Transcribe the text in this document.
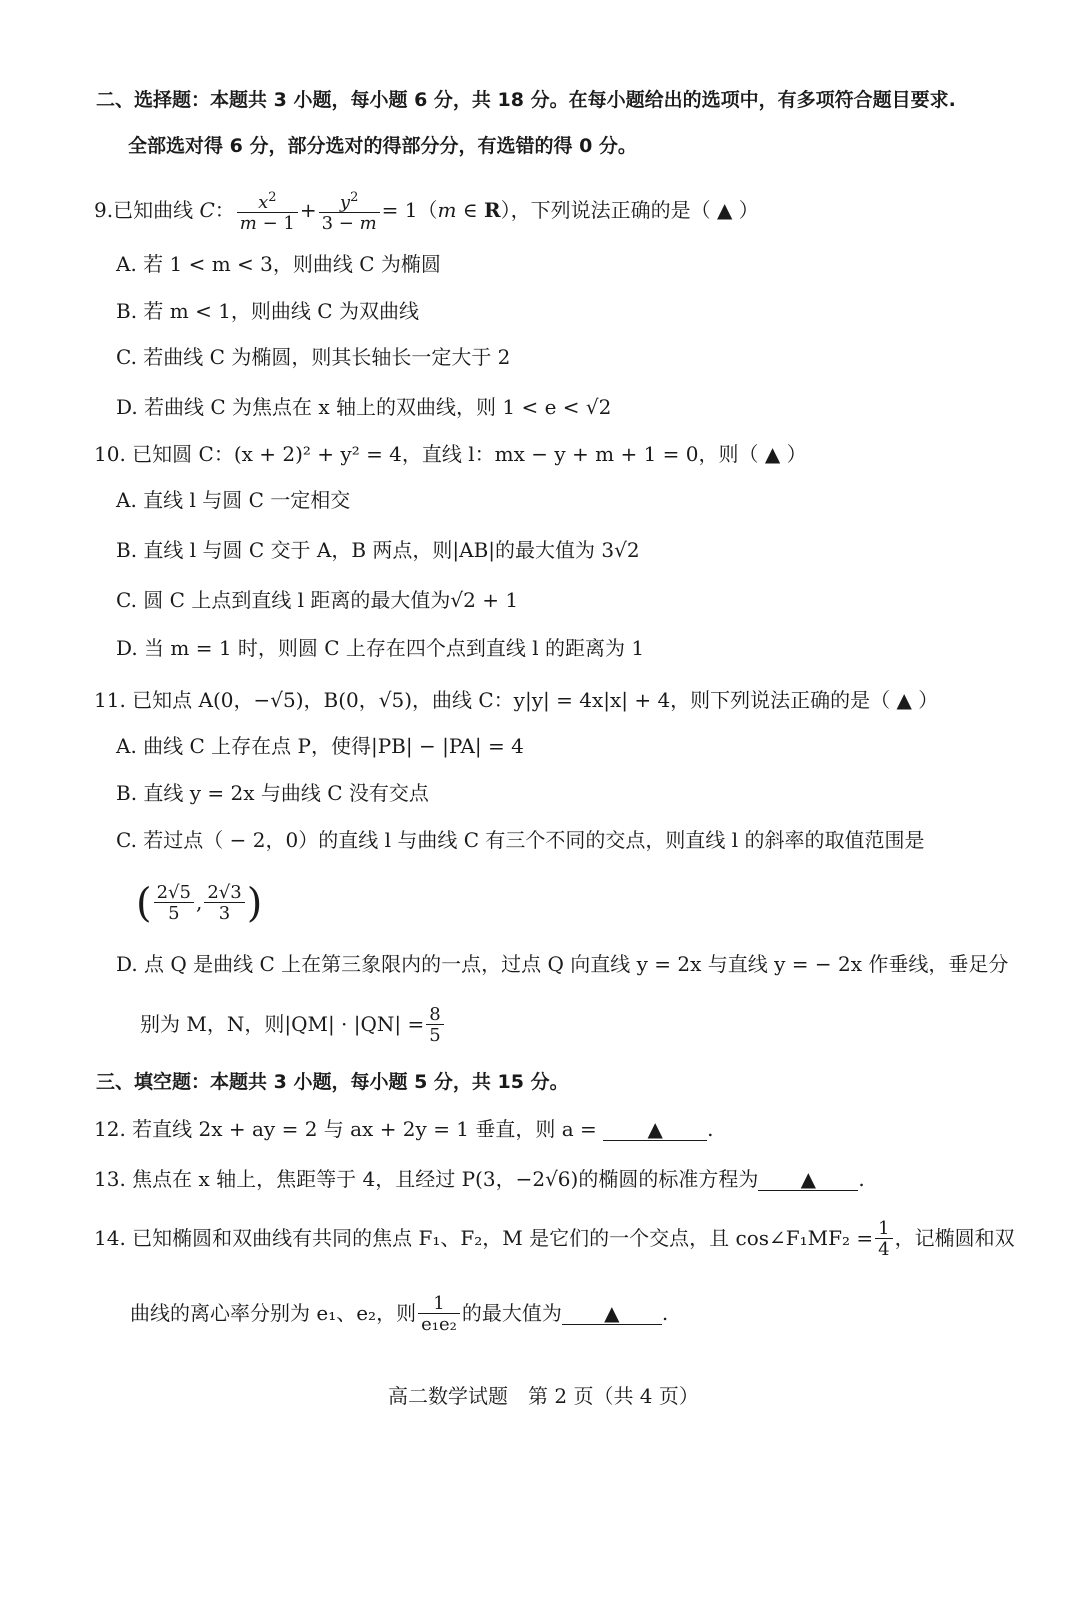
二、选择题：本题共 3 小题，每小题 6 分，共 18 分。在每小题给出的选项中，有多项符合题目要求.
全部选对得 6 分，部分选对的得部分分，有选错的得 0 分。
9.已知曲线 C： $\frac{x^2}{m - 1} + \frac{y^2}{3 - m} = 1(m$ ∈ R），下列说法正确的是（ ▲ ）
A. 若 1 < m < 3，则曲线 C 为椭圆
B. 若 m < 1，则曲线 C 为双曲线
C. 若曲线 C 为椭圆，则其长轴长一定大于 2
D. 若曲线 C 为焦点在 x 轴上的双曲线，则 1 < e < √2
10. 已知圆 C：(x + 2)² + y² = 4，直线 l：mx − y + m + 1 = 0，则（ ▲ ）
A. 直线 l 与圆 C 一定相交
B. 直线 l 与圆 C 交于 A，B 两点，则|AB|的最大值为 3√2
C. 圆 C 上点到直线 l 距离的最大值为√2 + 1
D. 当 m = 1 时，则圆 C 上存在四个点到直线 l 的距离为 1
11. 已知点 A(0，−√5)，B(0，√5)，曲线 C：y|y| = 4x|x| + 4，则下列说法正确的是（ ▲ ）
A. 曲线 C 上存在点 P，使得|PB| − |PA| = 4
B. 直线 y = 2x 与曲线 C 没有交点
C. 若过点（ − 2，0）的直线 l 与曲线 C 有三个不同的交点，则直线 l 的斜率的取值范围是
( $\frac{2√5}{5}$ , $\frac{2√3}{3}$ )
D. 点 Q 是曲线 C 上在第三象限内的一点，过点 Q 向直线 y = 2x 与直线 y = − 2x 作垂线，垂足分
别为 M，N，则$|QM| \cdot |QN| = \frac{8}{5}$
三、填空题：本题共 3 小题，每小题 5 分，共 15 分。
12. 若直线 2x + ay = 2 与 ax + 2y = 1 垂直，则 a =	▲ .
13. 焦点在 x 轴上，焦距等于 4，且经过 P(3，−2√6)的椭圆的标准方程为 ▲ .
14. 已知椭圆和双曲线有共同的焦点 F₁、F₂，M 是它们的一个交点，且 cos∠F₁MF₂ = $\frac{1}{4}$ ，记椭圆和双
曲线的离心率分别为 e₁、e₂，则 $\frac{1}{\text{e₁e₂}}$ 的最大值为 ▲ .
高二数学试题　第 2 页（共 4 页）
